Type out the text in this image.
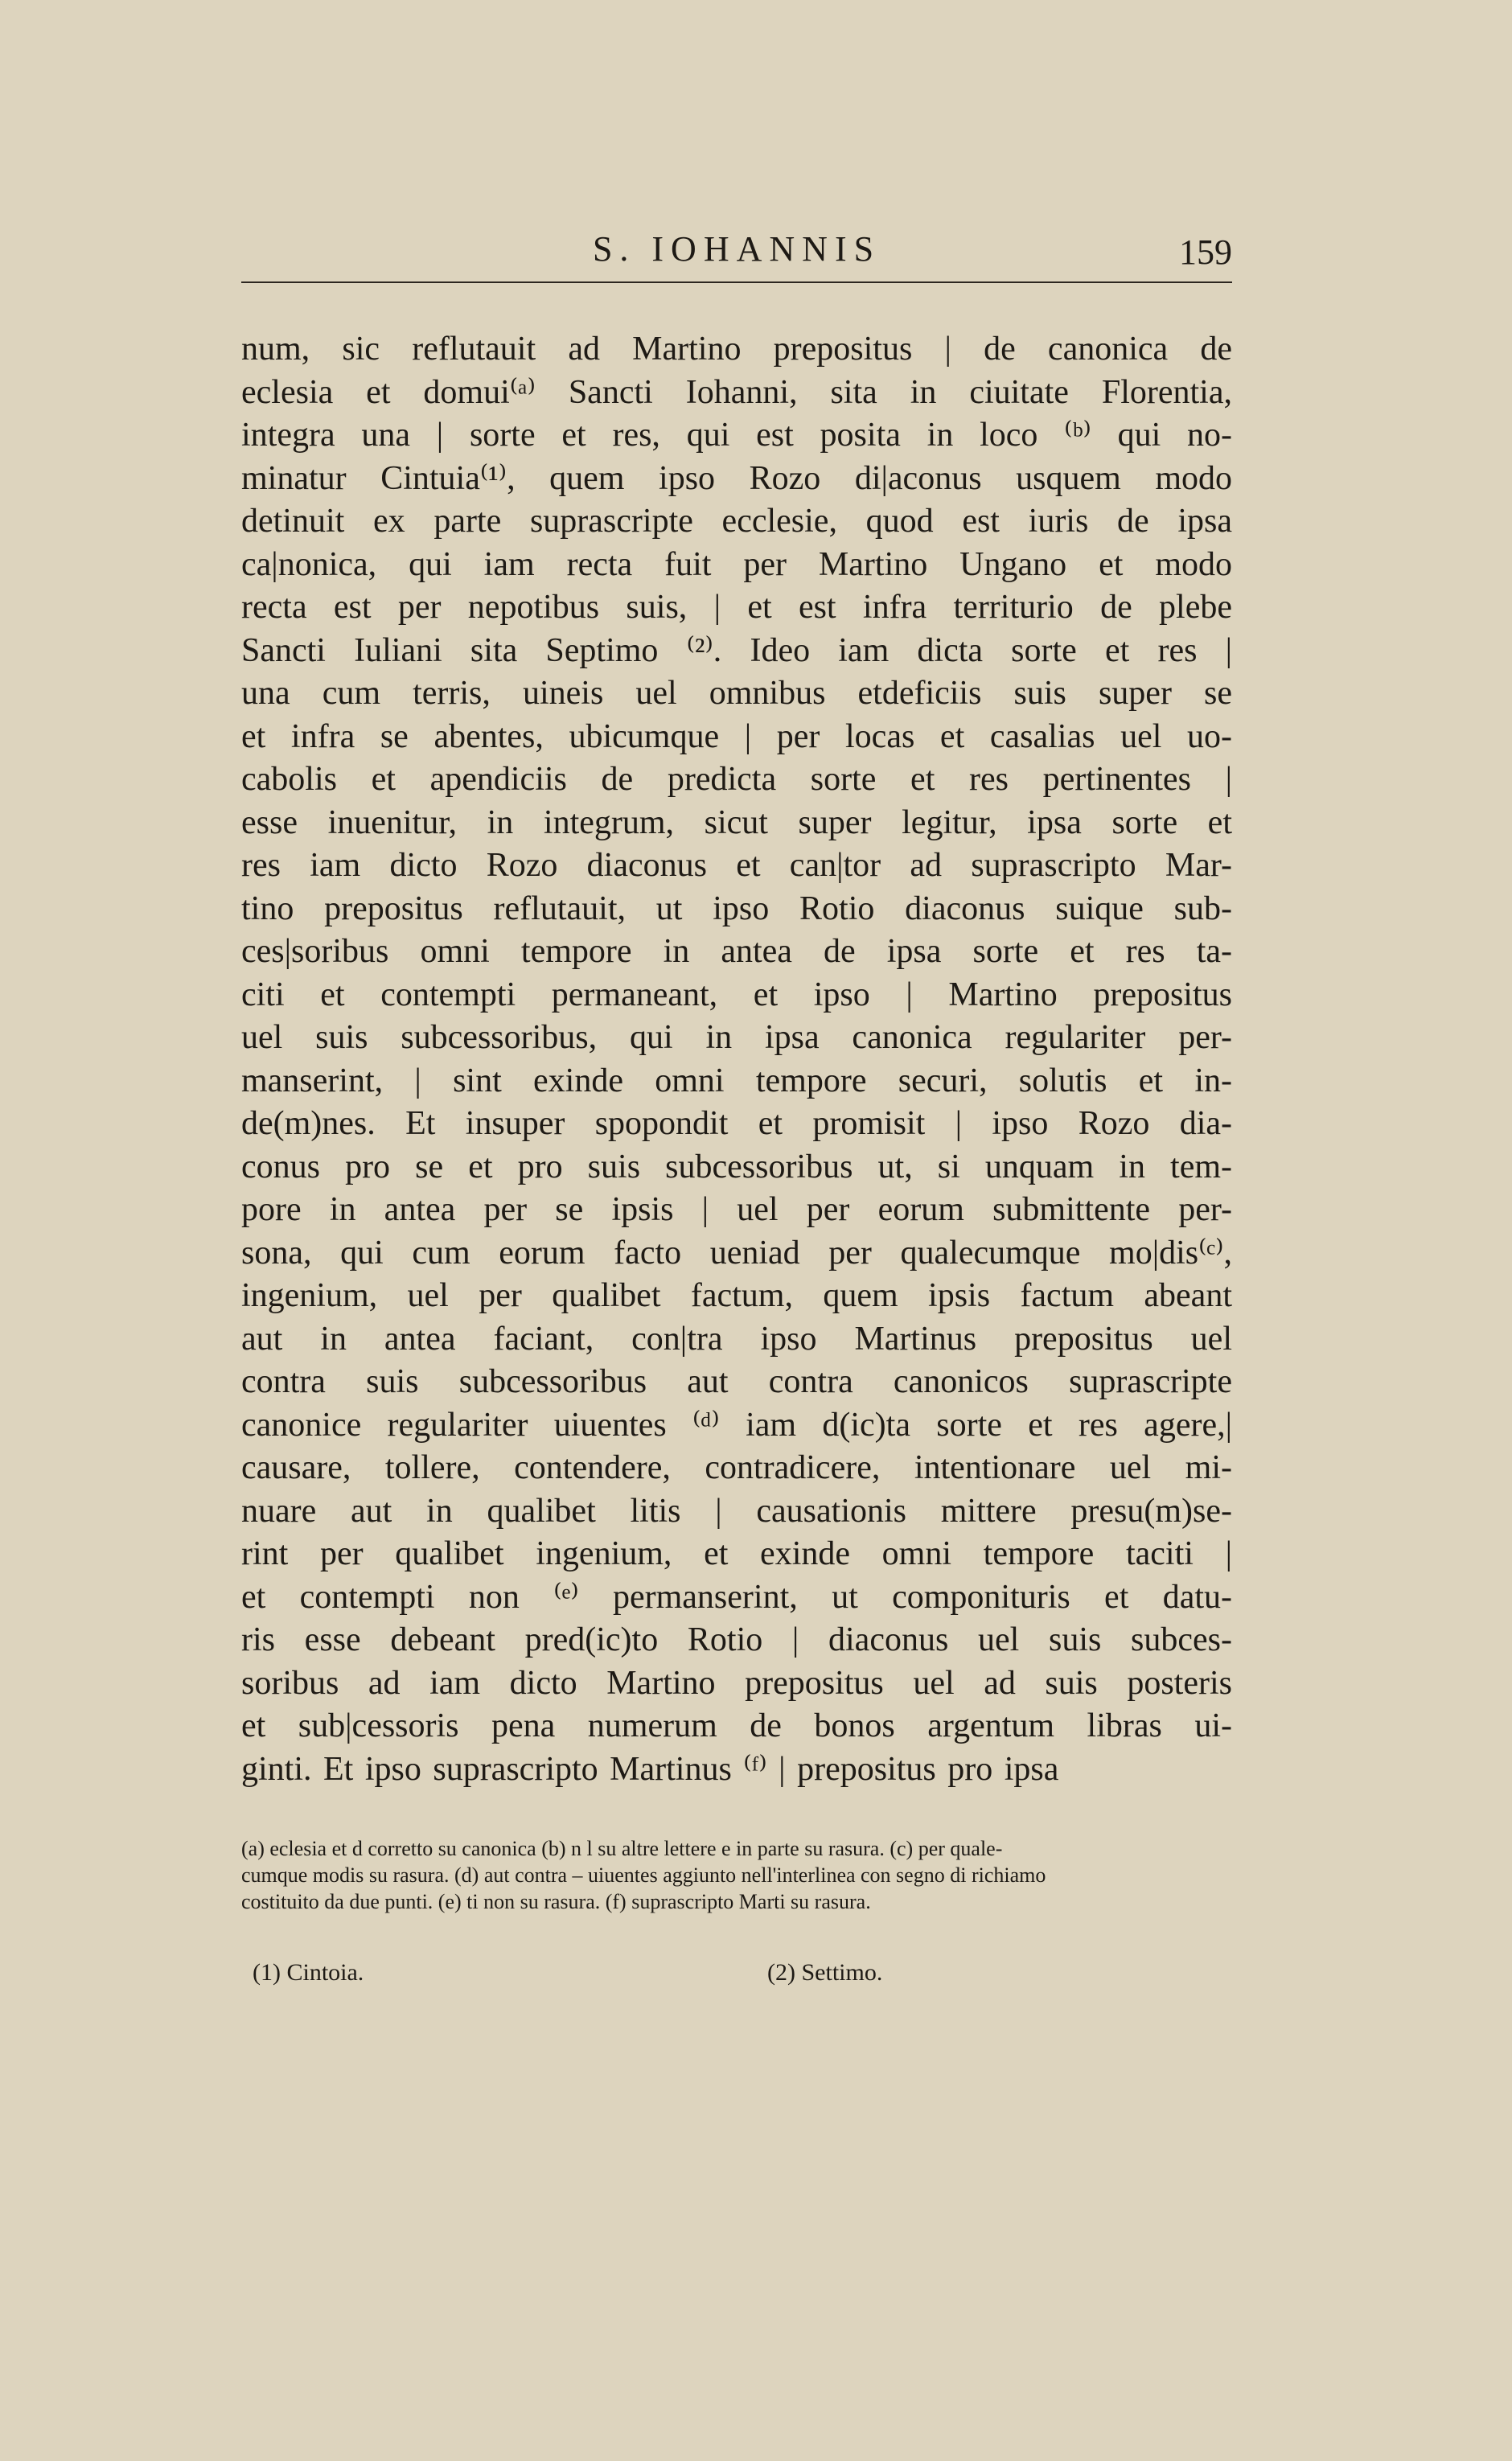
S. IOHANNIS	159
num, sic reflutauit ad Martino prepositus | de canonica de
eclesia et domui⁽ᵃ⁾ Sancti Iohanni, sita in ciuitate Florentia,
integra una | sorte et res, qui est posita in loco ⁽ᵇ⁾ qui no-
minatur Cintuia⁽¹⁾, quem ipso Rozo di|aconus usquem modo
detinuit ex parte suprascripte ecclesie, quod est iuris de ipsa
ca|nonica, qui iam recta fuit per Martino Ungano et modo
recta est per nepotibus suis, | et est infra territurio de plebe
Sancti Iuliani sita Septimo ⁽²⁾. Ideo iam dicta sorte et res |
una cum terris, uineis uel omnibus etdeficiis suis super se
et infra se abentes, ubicumque | per locas et casalias uel uo-
cabolis et apendiciis de predicta sorte et res pertinentes |
esse inuenitur, in integrum, sicut super legitur, ipsa sorte et
res iam dicto Rozo diaconus et can|tor ad suprascripto Mar-
tino prepositus reflutauit, ut ipso Rotio diaconus suique sub-
ces|soribus omni tempore in antea de ipsa sorte et res ta-
citi et contempti permaneant, et ipso | Martino prepositus
uel suis subcessoribus, qui in ipsa canonica regulariter per-
manserint, | sint exinde omni tempore securi, solutis et in-
de(m)nes. Et insuper spopondit et promisit | ipso Rozo dia-
conus pro se et pro suis subcessoribus ut, si unquam in tem-
pore in antea per se ipsis | uel per eorum submittente per-
sona, qui cum eorum facto ueniad per qualecumque mo|dis⁽ᶜ⁾,
ingenium, uel per qualibet factum, quem ipsis factum abeant
aut in antea faciant, con|tra ipso Martinus prepositus uel
contra suis subcessoribus aut contra canonicos suprascripte
canonice regulariter uiuentes ⁽ᵈ⁾ iam d(ic)ta sorte et res agere,|
causare, tollere, contendere, contradicere, intentionare uel mi-
nuare aut in qualibet litis | causationis mittere presu(m)se-
rint per qualibet ingenium, et exinde omni tempore taciti |
et contempti non ⁽ᵉ⁾ permanserint, ut componituris et datu-
ris esse debeant pred(ic)to Rotio | diaconus uel suis subces-
soribus ad iam dicto Martino prepositus uel ad suis posteris
et sub|cessoris pena numerum de bonos argentum libras ui-
ginti. Et ipso suprascripto Martinus ⁽ᶠ⁾ | prepositus pro ipsa
(a) eclesia et d corretto su canonica (b) n l su altre lettere e in parte su rasura. (c) per quale-
cumque modis su rasura. (d) aut contra – uiuentes aggiunto nell'interlinea con segno di richiamo
costituito da due punti. (e) ti non su rasura. (f) suprascripto Marti su rasura.
(1) Cintoia.	(2) Settimo.
